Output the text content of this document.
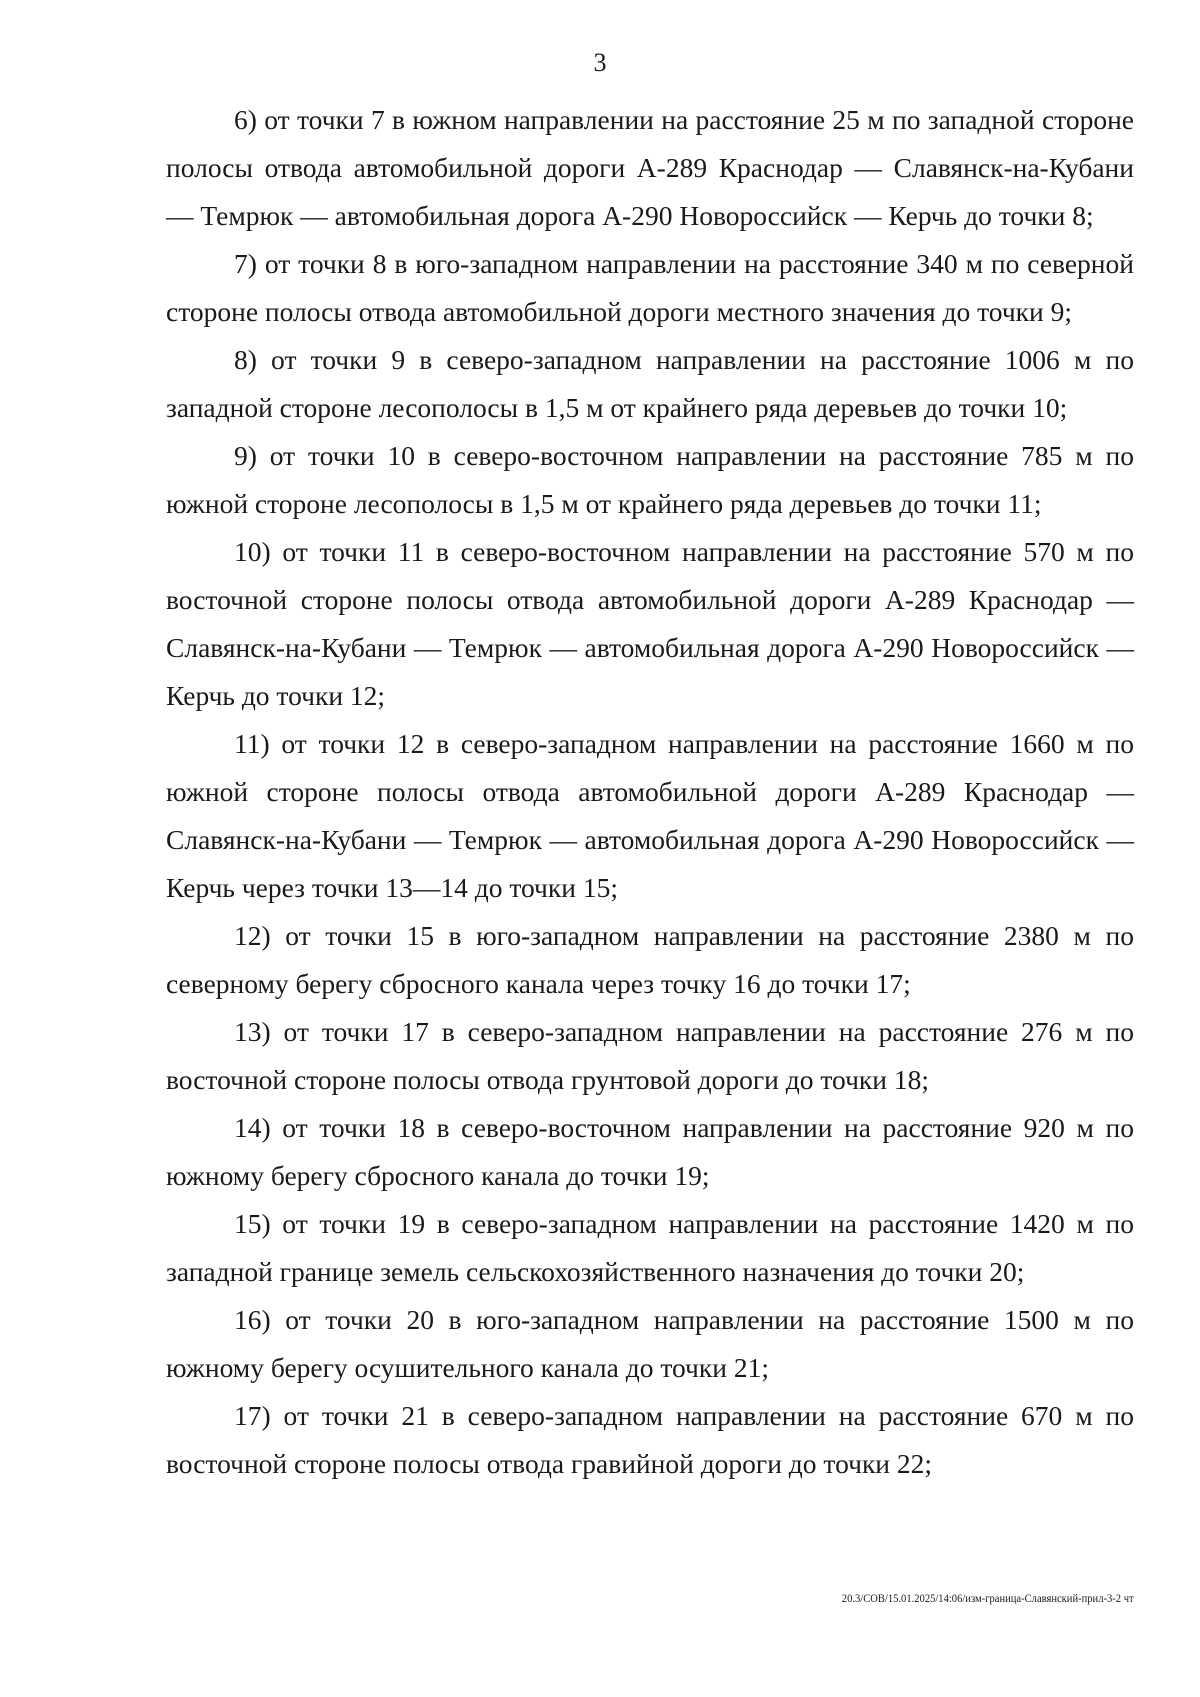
3

6) от точки 7 в южном направлении на расстояние 25 м по западной стороне полосы отвода автомобильной дороги А-289 Краснодар — Славянск-на-Кубани — Темрюк — автомобильная дорога А-290 Новороссийск — Керчь до точки 8;

7) от точки 8 в юго-западном направлении на расстояние 340 м по северной стороне полосы отвода автомобильной дороги местного значения до точки 9;

8) от точки 9 в северо-западном направлении на расстояние 1006 м по западной стороне лесополосы в 1,5 м от крайнего ряда деревьев до точки 10;

9) от точки 10 в северо-восточном направлении на расстояние 785 м по южной стороне лесополосы в 1,5 м от крайнего ряда деревьев до точки 11;

10) от точки 11 в северо-восточном направлении на расстояние 570 м по восточной стороне полосы отвода автомобильной дороги А-289 Краснодар — Славянск-на-Кубани — Темрюк — автомобильная дорога А-290 Новороссийск — Керчь до точки 12;

11) от точки 12 в северо-западном направлении на расстояние 1660 м по южной стороне полосы отвода автомобильной дороги А-289 Краснодар — Славянск-на-Кубани — Темрюк — автомобильная дорога А-290 Новороссийск — Керчь через точки 13—14 до точки 15;

12) от точки 15 в юго-западном направлении на расстояние 2380 м по северному берегу сбросного канала через точку 16 до точки 17;

13) от точки 17 в северо-западном направлении на расстояние 276 м по восточной стороне полосы отвода грунтовой дороги до точки 18;

14) от точки 18 в северо-восточном направлении на расстояние 920 м по южному берегу сбросного канала до точки 19;

15) от точки 19 в северо-западном направлении на расстояние 1420 м по западной границе земель сельскохозяйственного назначения до точки 20;

16) от точки 20 в юго-западном направлении на расстояние 1500 м по южному берегу осушительного канала до точки 21;

17) от точки 21 в северо-западном направлении на расстояние 670 м по восточной стороне полосы отвода гравийной дороги до точки 22;

20.3/СОВ/15.01.2025/14:06/изм-граница-Славянский-прил-3-2 чт
